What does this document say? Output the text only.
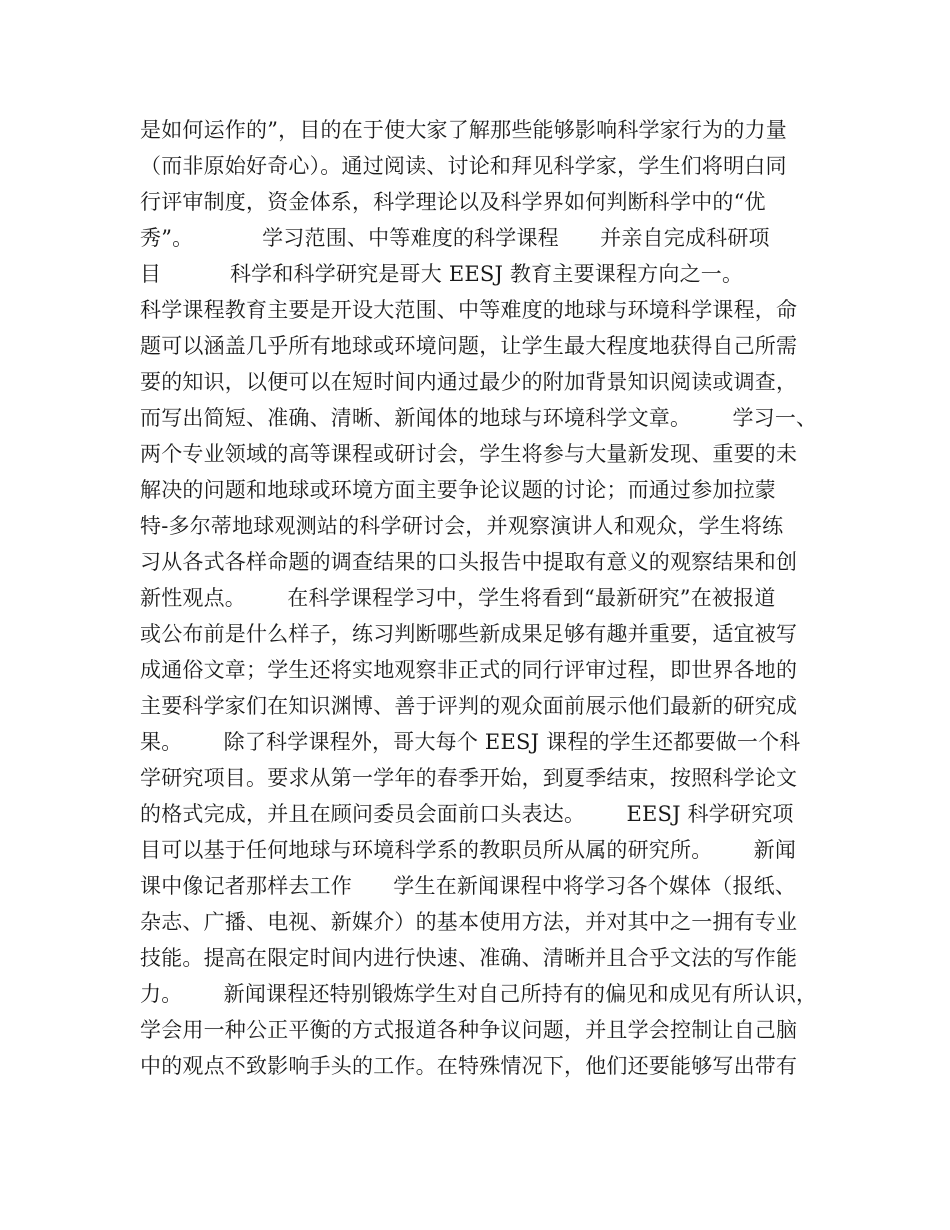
是如何运作的”，目的在于使大家了解那些能够影响科学家行为的力量
（而非原始好奇心）。通过阅读、讨论和拜见科学家，学生们将明白同
行评审制度，资金体系，科学理论以及科学界如何判断科学中的“优
秀”。          学习范围、中等难度的科学课程      并亲自完成科研项
目          科学和科学研究是哥大 EESJ 教育主要课程方向之一。
科学课程教育主要是开设大范围、中等难度的地球与环境科学课程，命
题可以涵盖几乎所有地球或环境问题，让学生最大程度地获得自己所需
要的知识，以便可以在短时间内通过最少的附加背景知识阅读或调查，
而写出简短、准确、清晰、新闻体的地球与环境科学文章。      学习一、
两个专业领域的高等课程或研讨会，学生将参与大量新发现、重要的未
解决的问题和地球或环境方面主要争论议题的讨论；而通过参加拉蒙
特-多尔蒂地球观测站的科学研讨会，并观察演讲人和观众，学生将练
习从各式各样命题的调查结果的口头报告中提取有意义的观察结果和创
新性观点。      在科学课程学习中，学生将看到“最新研究”在被报道
或公布前是什么样子，练习判断哪些新成果足够有趣并重要，适宜被写
成通俗文章；学生还将实地观察非正式的同行评审过程，即世界各地的
主要科学家们在知识渊博、善于评判的观众面前展示他们最新的研究成
果。      除了科学课程外，哥大每个 EESJ 课程的学生还都要做一个科
学研究项目。要求从第一学年的春季开始，到夏季结束，按照科学论文
的格式完成，并且在顾问委员会面前口头表达。      EESJ 科学研究项
目可以基于任何地球与环境科学系的教职员所从属的研究所。      新闻
课中像记者那样去工作      学生在新闻课程中将学习各个媒体（报纸、
杂志、广播、电视、新媒介）的基本使用方法，并对其中之一拥有专业
技能。提高在限定时间内进行快速、准确、清晰并且合乎文法的写作能
力。      新闻课程还特别锻炼学生对自己所持有的偏见和成见有所认识，
学会用一种公正平衡的方式报道各种争议问题，并且学会控制让自己脑
中的观点不致影响手头的工作。在特殊情况下，他们还要能够写出带有
